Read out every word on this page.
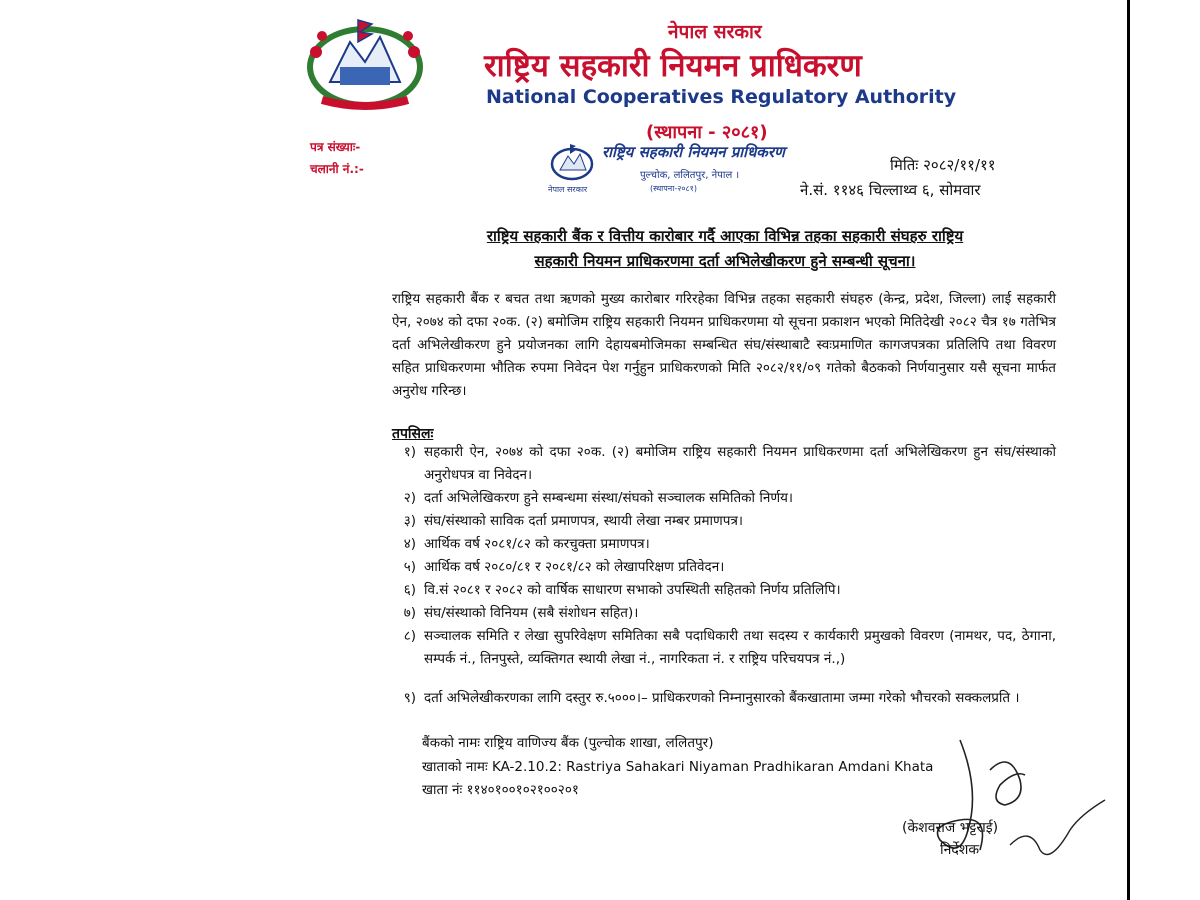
नेपाल सरकार
राष्ट्रिय सहकारी नियमन प्राधिकरण
National Cooperatives Regulatory Authority
(स्थापना - २०८१)
पत्र संख्याः-
चलानी नं.:-
नेपाल सरकार
राष्ट्रिय सहकारी नियमन प्राधिकरण
पुल्चोक, ललितपुर, नेपाल ।
(स्थापना-२०८१)
मितिः २०८२/११/११
ने.सं. ११४६ चिल्लाथ्व ६, सोमवार
राष्ट्रिय सहकारी बैंक र वित्तीय कारोबार गर्दै आएका विभिन्न तहका सहकारी संघहरु राष्ट्रिय
सहकारी नियमन प्राधिकरणमा दर्ता अभिलेखीकरण हुने सम्बन्धी सूचना।
राष्ट्रिय सहकारी बैंक र बचत तथा ऋणको मुख्य कारोबार गरिरहेका विभिन्न तहका सहकारी संघहरु (केन्द्र, प्रदेश, जिल्ला) लाई सहकारी ऐन, २०७४ को दफा २०क. (२) बमोजिम राष्ट्रिय सहकारी नियमन प्राधिकरणमा यो सूचना प्रकाशन भएको मितिदेखी २०८२ चैत्र १७ गतेभित्र दर्ता अभिलेखीकरण हुने प्रयोजनका लागि देहायबमोजिमका सम्बन्धित संघ/संस्थाबाटै स्वःप्रमाणित कागजपत्रका प्रतिलिपि तथा विवरण सहित प्राधिकरणमा भौतिक रुपमा निवेदन पेश गर्नुहुन प्राधिकरणको मिति २०८२/११/०९ गतेको बैठकको निर्णयानुसार यसै सूचना मार्फत अनुरोध गरिन्छ।
तपसिलः
१) सहकारी ऐन, २०७४ को दफा २०क. (२) बमोजिम राष्ट्रिय सहकारी नियमन प्राधिकरणमा दर्ता अभिलेखिकरण हुन संघ/संस्थाको अनुरोधपत्र वा निवेदन।
२) दर्ता अभिलेखिकरण हुने सम्बन्धमा संस्था/संघको सञ्चालक समितिको निर्णय।
३) संघ/संस्थाको साविक दर्ता प्रमाणपत्र, स्थायी लेखा नम्बर प्रमाणपत्र।
४) आर्थिक वर्ष २०८१/८२ को करचुक्ता प्रमाणपत्र।
५) आर्थिक वर्ष २०८०/८१ र २०८१/८२ को लेखापरिक्षण प्रतिवेदन।
६) वि.सं २०८१ र २०८२ को वार्षिक साधारण सभाको उपस्थिती सहितको निर्णय प्रतिलिपि।
७) संघ/संस्थाको विनियम (सबै संशोधन सहित)।
८) सञ्चालक समिति र लेखा सुपरिवेक्षण समितिका सबै पदाधिकारी तथा सदस्य र कार्यकारी प्रमुखको विवरण (नामथर, पद, ठेगाना, सम्पर्क नं., तिनपुस्ते, व्यक्तिगत स्थायी लेखा नं., नागरिकता नं. र राष्ट्रिय परिचयपत्र नं.,)
९) दर्ता अभिलेखीकरणका लागि दस्तुर रु.५०००।– प्राधिकरणको निम्नानुसारको बैंकखातामा जम्मा गरेको भौचरको सक्कलप्रति ।
बैंकको नामः राष्ट्रिय वाणिज्य बैंक (पुल्चोक शाखा, ललितपुर)
खाताको नामः KA-2.10.2: Rastriya Sahakari Niyaman Pradhikaran Amdani Khata
खाता नंः ११४०१००१०२१००२०१
(केशवराज भट्टराई)
निर्देशक
